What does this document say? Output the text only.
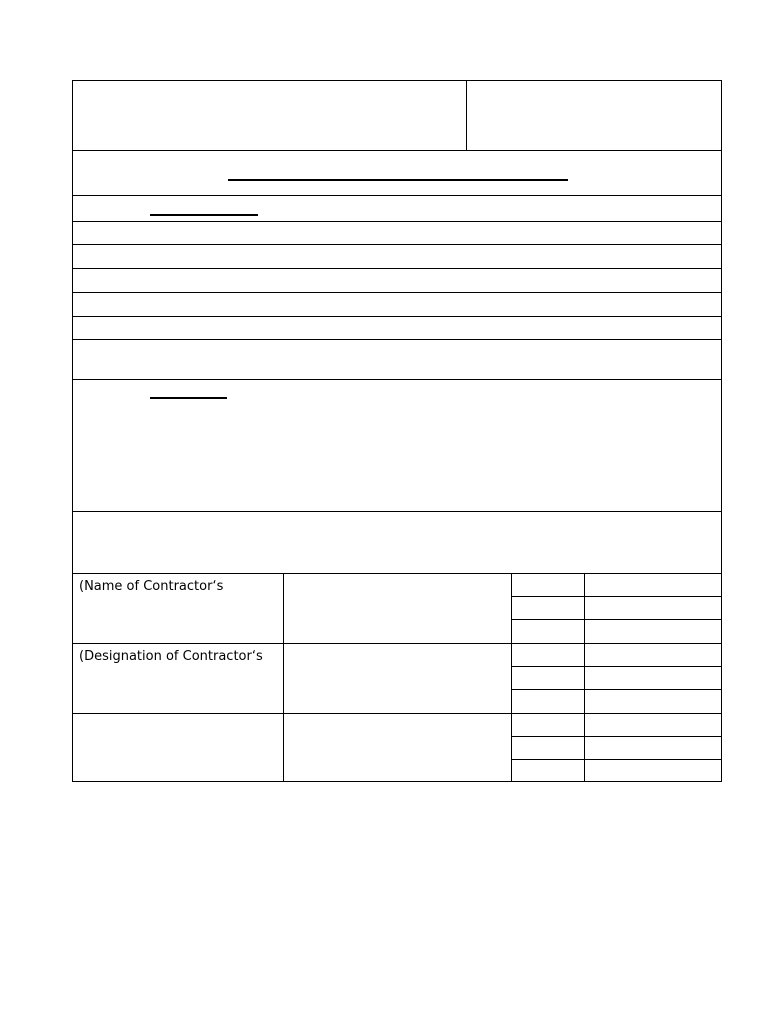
(Name of Contractor‘s
(Designation of Contractor‘s
